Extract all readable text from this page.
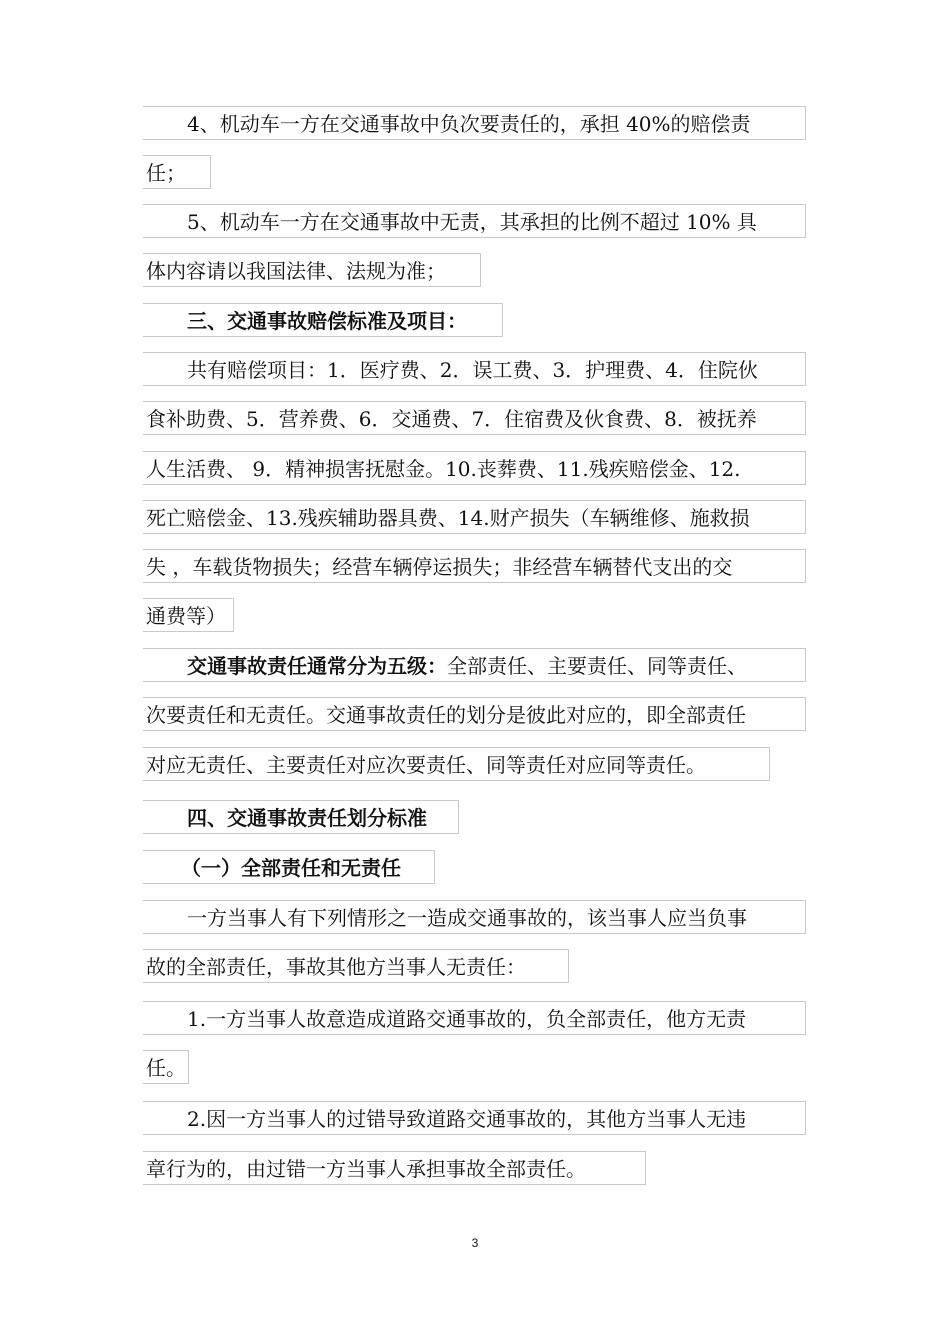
4、机动车一方在交通事故中负次要责任的，承担 40%的赔偿责
任；
5、机动车一方在交通事故中无责，其承担的比例不超过 10% 具
体内容请以我国法律、法规为准；
三、交通事故赔偿标准及项目：
共有赔偿项目：1．医疗费、2．误工费、3．护理费、4．住院伙
食补助费、5．营养费、6．交通费、7．住宿费及伙食费、8．被抚养
人生活费、 9．精神损害抚慰金。10.丧葬费、11.残疾赔偿金、12.
死亡赔偿金、13.残疾辅助器具费、14.财产损失（车辆维修、施救损
失 ，车载货物损失；经营车辆停运损失；非经营车辆替代支出的交
通费等）
交通事故责任通常分为五级：全部责任、主要责任、同等责任、
次要责任和无责任。交通事故责任的划分是彼此对应的，即全部责任
对应无责任、主要责任对应次要责任、同等责任对应同等责任。
四、交通事故责任划分标准
（一）全部责任和无责任
一方当事人有下列情形之一造成交通事故的，该当事人应当负事
故的全部责任，事故其他方当事人无责任：
1.一方当事人故意造成道路交通事故的，负全部责任，他方无责
任。
2.因一方当事人的过错导致道路交通事故的，其他方当事人无违
章行为的，由过错一方当事人承担事故全部责任。
3
